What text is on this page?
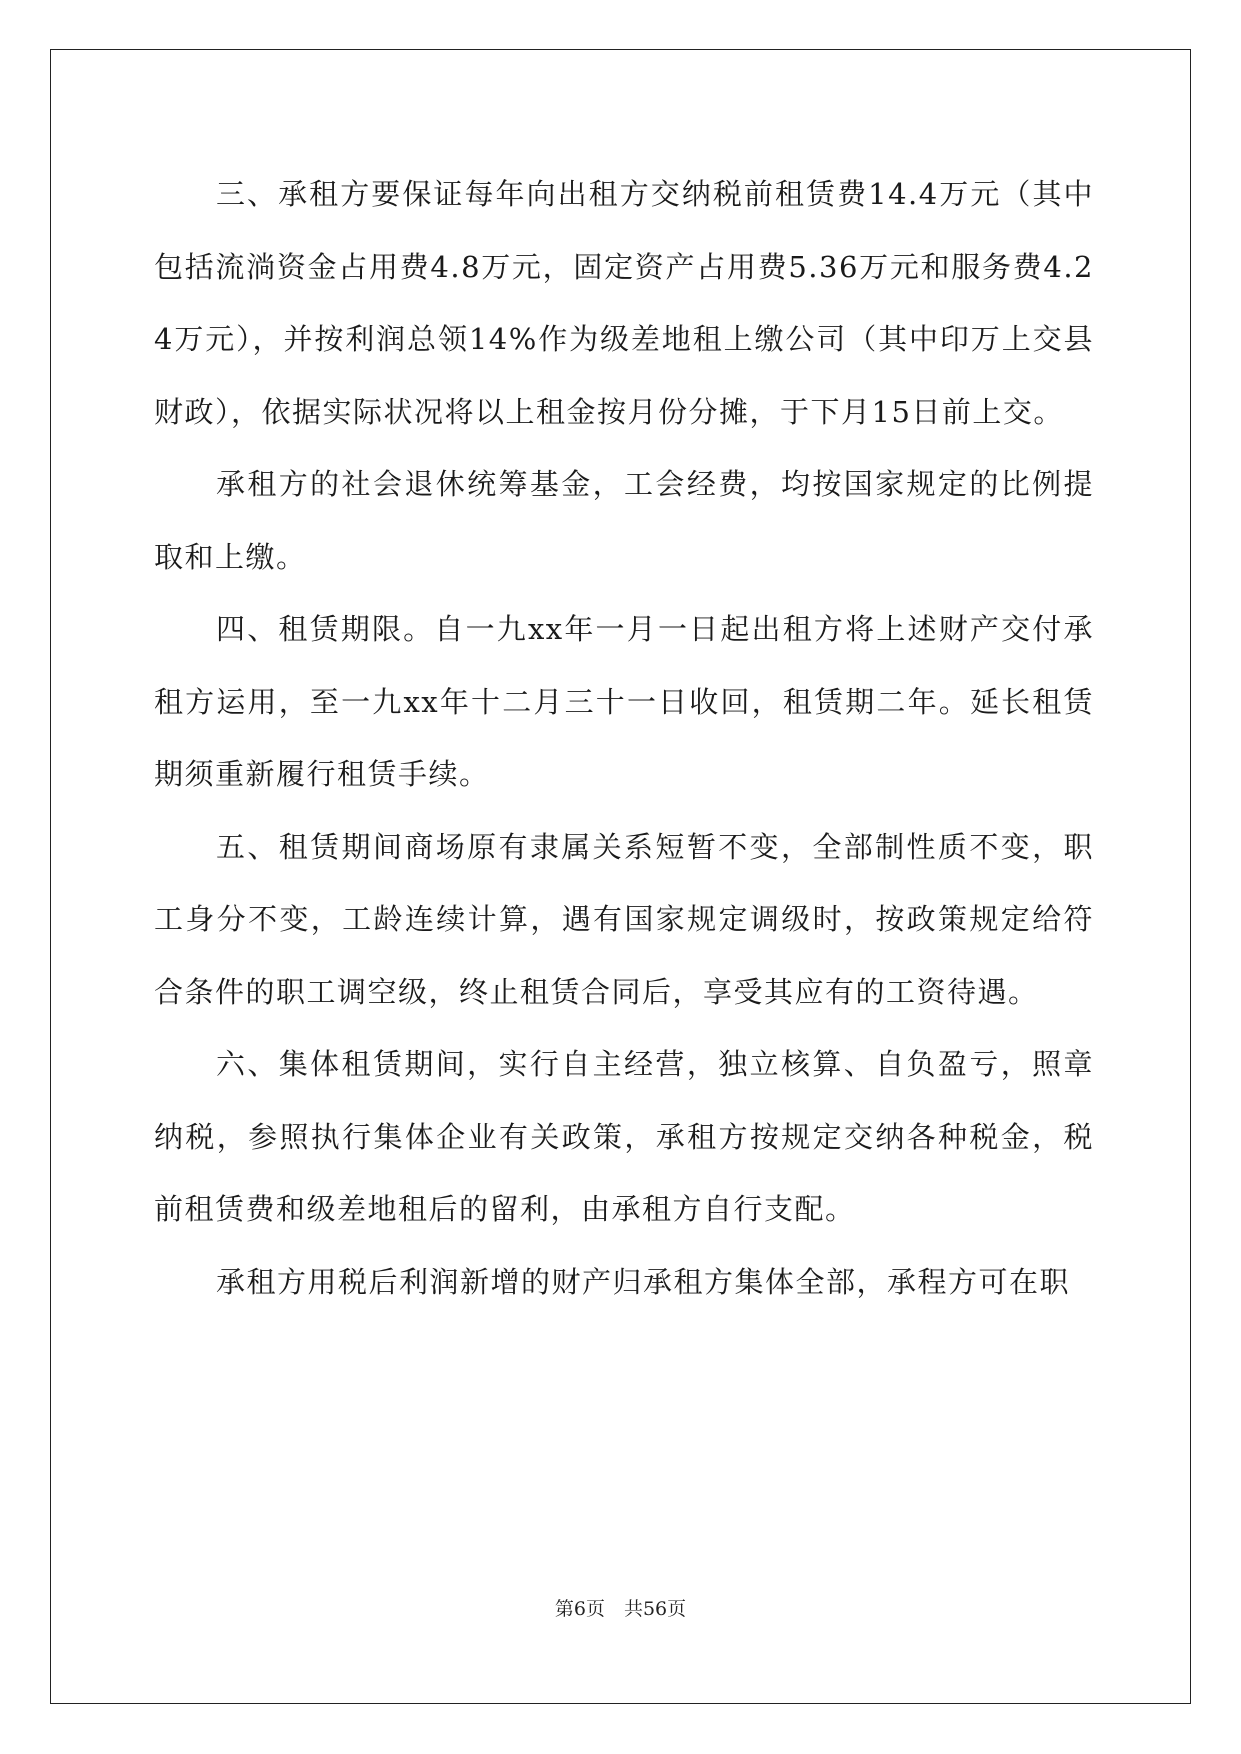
三、承租方要保证每年向出租方交纳税前租赁费14.4万元（其中包括流淌资金占用费4.8万元，固定资产占用费5.36万元和服务费4.24万元），并按利润总领14%作为级差地租上缴公司（其中印万上交县财政），依据实际状况将以上租金按月份分摊，于下月15日前上交。

承租方的社会退休统筹基金，工会经费，均按国家规定的比例提取和上缴。

四、租赁期限。自一九xx年一月一日起出租方将上述财产交付承租方运用，至一九xx年十二月三十一日收回，租赁期二年。延长租赁期须重新履行租赁手续。

五、租赁期间商场原有隶属关系短暂不变，全部制性质不变，职工身分不变，工龄连续计算，遇有国家规定调级时，按政策规定给符合条件的职工调空级，终止租赁合同后，享受其应有的工资待遇。

六、集体租赁期间，实行自主经营，独立核算、自负盈亏，照章纳税，参照执行集体企业有关政策，承租方按规定交纳各种税金，税前租赁费和级差地租后的留利，由承租方自行支配。

承租方用税后利润新增的财产归承租方集体全部，承程方可在职

第6页　共56页
